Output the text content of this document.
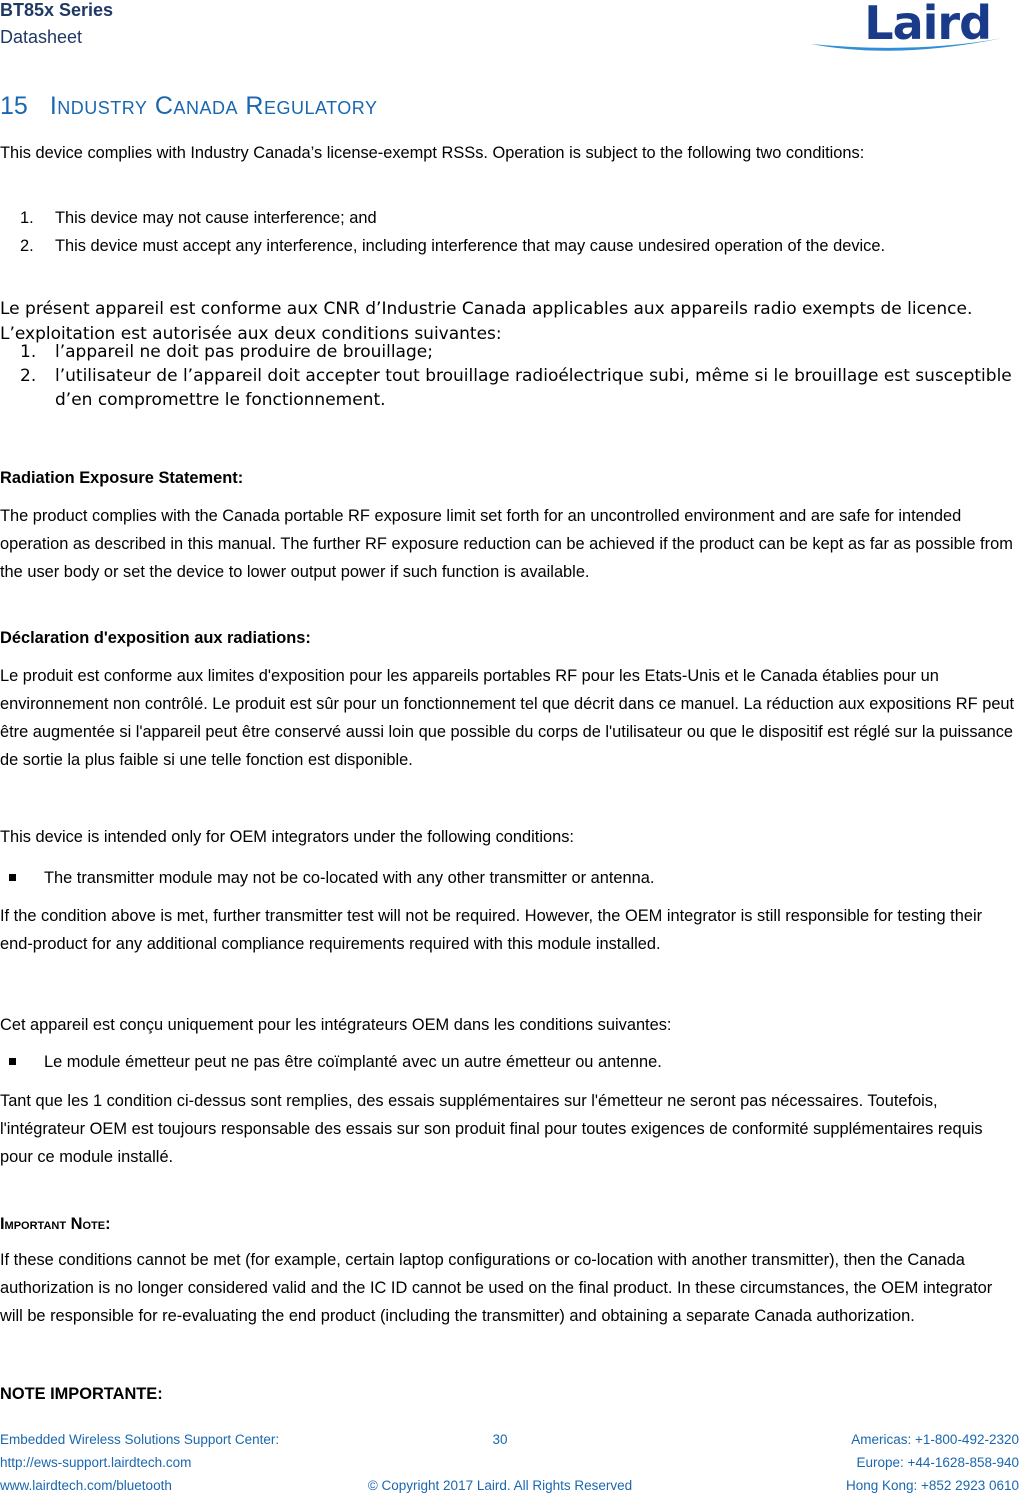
BT85x Series
Datasheet	Laird
15 Industry Canada Regulatory

This device complies with Industry Canada’s license-exempt RSSs. Operation is subject to the following two conditions:

1. This device may not cause interference; and
2. This device must accept any interference, including interference that may cause undesired operation of the device.

Le présent appareil est conforme aux CNR d’Industrie Canada applicables aux appareils radio exempts de licence. L’exploitation est autorisée aux deux conditions suivantes:

1. l’appareil ne doit pas produire de brouillage;
2. l’utilisateur de l’appareil doit accepter tout brouillage radioélectrique subi, même si le brouillage est susceptible d’en compromettre le fonctionnement.
Radiation Exposure Statement:
The product complies with the Canada portable RF exposure limit set forth for an uncontrolled environment and are safe for intended operation as described in this manual. The further RF exposure reduction can be achieved if the product can be kept as far as possible from the user body or set the device to lower output power if such function is available.
Déclaration d'exposition aux radiations:
Le produit est conforme aux limites d'exposition pour les appareils portables RF pour les Etats-Unis et le Canada établies pour un environnement non contrôlé. Le produit est sûr pour un fonctionnement tel que décrit dans ce manuel. La réduction aux expositions RF peut être augmentée si l'appareil peut être conservé aussi loin que possible du corps de l'utilisateur ou que le dispositif est réglé sur la puissance de sortie la plus faible si une telle fonction est disponible.
This device is intended only for OEM integrators under the following conditions:
The transmitter module may not be co-located with any other transmitter or antenna.
If the condition above is met, further transmitter test will not be required. However, the OEM integrator is still responsible for testing their end-product for any additional compliance requirements required with this module installed.
Cet appareil est conçu uniquement pour les intégrateurs OEM dans les conditions suivantes:
Le module émetteur peut ne pas être coïmplanté avec un autre émetteur ou antenne.
Tant que les 1 condition ci-dessus sont remplies, des essais supplémentaires sur l'émetteur ne seront pas nécessaires. Toutefois, l'intégrateur OEM est toujours responsable des essais sur son produit final pour toutes exigences de conformité supplémentaires requis pour ce module installé.
Important Note:
If these conditions cannot be met (for example, certain laptop configurations or co-location with another transmitter), then the Canada authorization is no longer considered valid and the IC ID cannot be used on the final product. In these circumstances, the OEM integrator will be responsible for re-evaluating the end product (including the transmitter) and obtaining a separate Canada authorization.
NOTE IMPORTANTE:
Embedded Wireless Solutions Support Center:
http://ews-support.lairdtech.com
www.lairdtech.com/bluetooth
30
© Copyright 2017 Laird. All Rights Reserved
Americas: +1-800-492-2320
Europe: +44-1628-858-940
Hong Kong: +852 2923 0610
